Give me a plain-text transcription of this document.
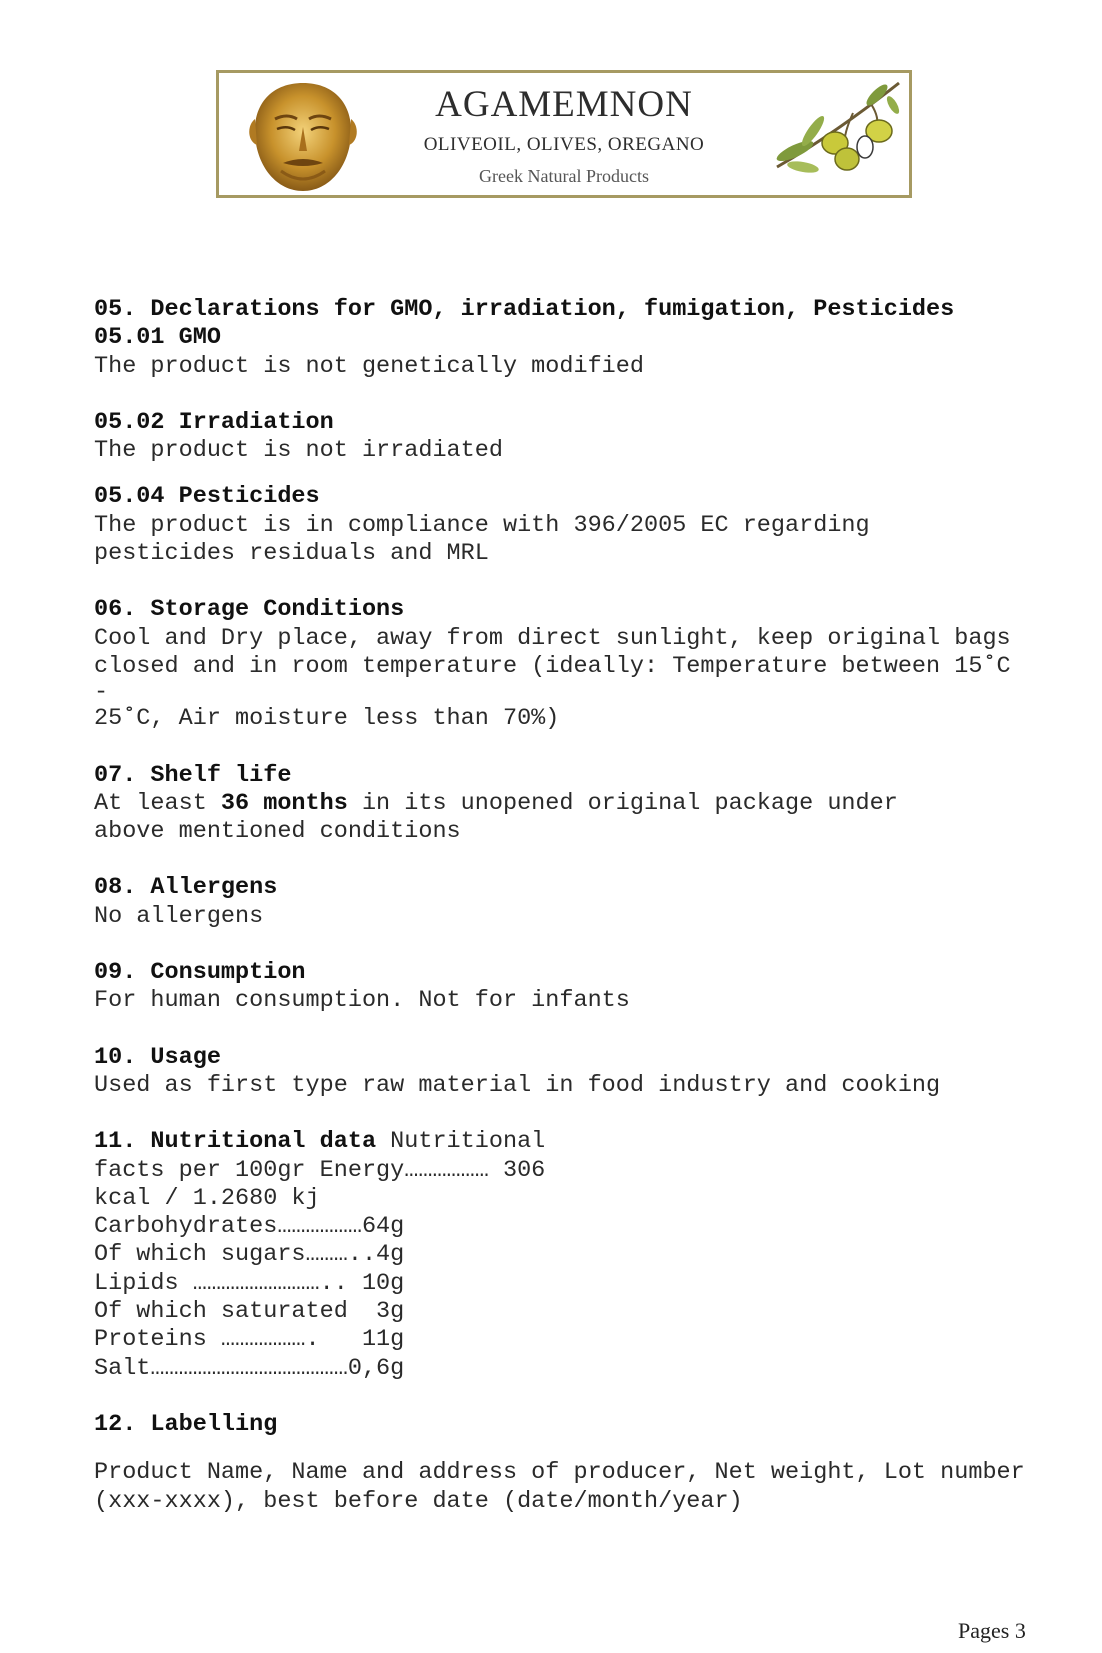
AGAMEMNON
OLIVEOIL, OLIVES, OREGANO
Greek Natural Products

05. Declarations for GMO, irradiation, fumigation, Pesticides

05.01 GMO

The product is not genetically modified

05.02 Irradiation

The product is not irradiated

05.04 Pesticides

The product is in compliance with 396/2005 EC regarding

pesticides residuals and MRL

06. Storage Conditions

Cool and Dry place, away from direct sunlight, keep original bags

closed and in room temperature (ideally: Temperature between 15˚C

-

25˚C, Air moisture less than 70%)

07. Shelf life

At least 36 months in its unopened original package under

above mentioned conditions

08. Allergens

No allergens

09. Consumption

For human consumption. Not for infants

10. Usage

Used as first type raw material in food industry and cooking

11. Nutritional data Nutritional

facts per 100gr Energy……………… 306

kcal / 1.2680 kj

Carbohydrates………………64g

Of which sugars………..4g

Lipids ……………………….. 10g

Of which saturated  3g

Proteins ……………….   11g

Salt……………………………………0,6g

12. Labelling

Product Name, Name and address of producer, Net weight, Lot number

(xxx-xxxx), best before date (date/month/year)

Pages 3
